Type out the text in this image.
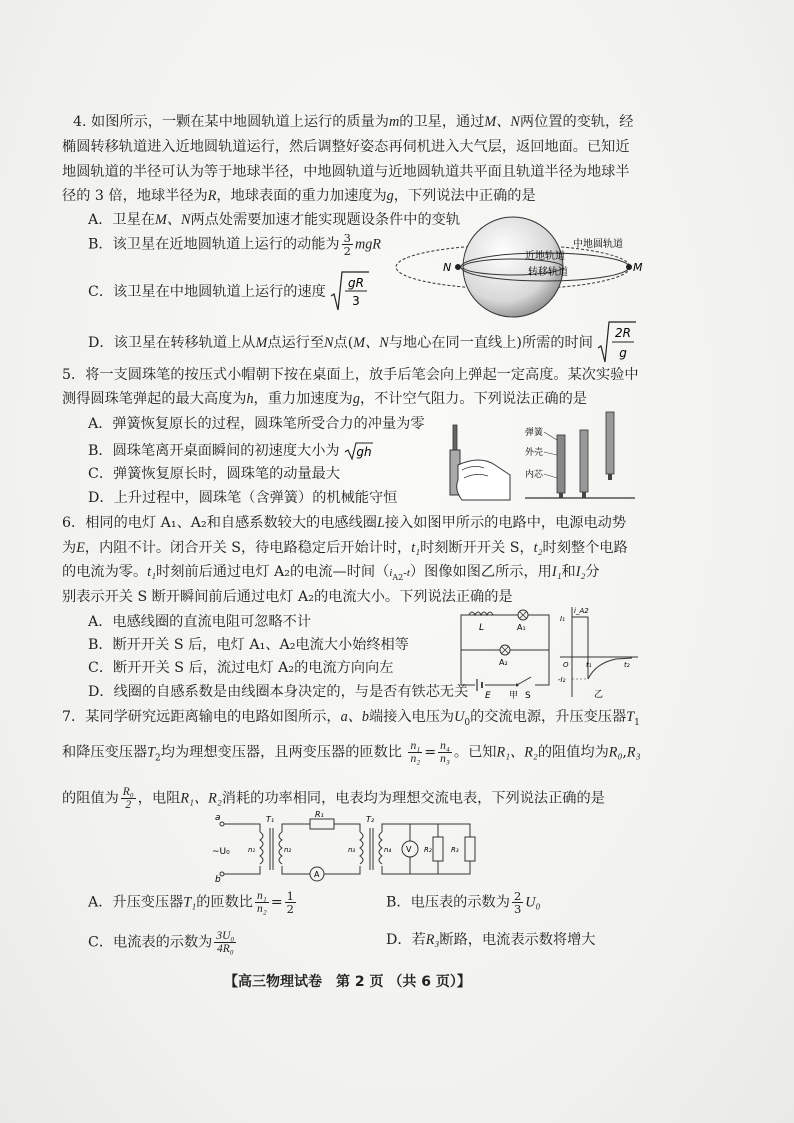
4. 如图所示，一颗在某中地圆轨道上运行的质量为m的卫星，通过M、N两位置的变轨，经
椭圆转移轨道进入近地圆轨道运行，然后调整好姿态再伺机进入大气层，返回地面。已知近
地圆轨道的半径可认为等于地球半径，中地圆轨道与近地圆轨道共平面且轨道半径为地球半
径的 3 倍，地球半径为R，地球表面的重力加速度为g，下列说法中正确的是
A．卫星在M、N两点处需要加速才能实现题设条件中的变轨
B．该卫星在近地圆轨道上运行的动能为 $\frac{3}{2}$ mgR
C．该卫星在中地圆轨道上运行的速度
gR
3
D．该卫星在转移轨道上从M点运行至N点(M、N与地心在同一直线上)所需的时间
2R
g
N	M
中地圆轨道
近地轨道
转移轨道
5．将一支圆珠笔的按压式小帽朝下按在桌面上，放手后笔会向上弹起一定高度。某次实验中
测得圆珠笔弹起的最大高度为h，重力加速度为g，不计空气阻力。下列说法正确的是
A．弹簧恢复原长的过程，圆珠笔所受合力的冲量为零
B．圆珠笔离开桌面瞬间的初速度大小为 gh
C．弹簧恢复原长时，圆珠笔的动量最大
D．上升过程中，圆珠笔（含弹簧）的机械能守恒
弹簧
外壳
内芯
6．相同的电灯 A₁、A₂和自感系数较大的电感线圈L接入如图甲所示的电路中，电源电动势
为E，内阻不计。闭合开关 S，待电路稳定后开始计时，t₁时刻断开开关 S，t₂时刻整个电路
的电流为零。t₁时刻前后通过电灯 A₂的电流—时间$(i_{A2}-t)$图像如图乙所示，用I₁和I₂分
别表示开关 S 断开瞬间前后通过电灯 A₂的电流大小。下列说法正确的是
A．电感线圈的直流电阻可忽略不计
B．断开开关 S 后，电灯 A₁、A₂电流大小始终相等
C．断开开关 S 后，流过电灯 A₂的电流方向向左
D．线圈的自感系数是由线圈本身决定的，与是否有铁芯无关
L	A₁
A₂
E	S
甲
i_A2
I₁
O t₁
-I₂
t₂
乙
7．某同学研究远距离输电的电路如图所示，a、b端接入电压为$U_0$的交流电源，升压变压器$T_1$
和降压变压器$T_2$均为理想变压器，且两变压器的匝数比 $\frac{\text{n₁}}{\text{n₂}} = \frac{\text{n₄}}{\text{n₃}}$ 。已知R₁、R₂的阻值均为R₀,R₃
的阻值为 $\frac{\text{R₀}}{2}$ ，电阻R₁、R₂消耗的功率相同，电表均为理想交流电表，下列说法正确的是
a
b
~U₀
T₁
n₁	n₂
R₁
A
T₂
n₃	n₄ V R₂	R₃
A．升压变压器T₁的匝数比 $\frac{\text{n₁}}{\text{n₂}} = \frac{1}{2}$	B．电压表的示数为 $\frac{2}{3} U_0$
C．电流表的示数为 $\frac{\text{3U₀}}{\text{4R₀}}$	D．若R₃断路，电流表示数将增大
【高三物理试卷　第 2 页 （共 6 页）】
